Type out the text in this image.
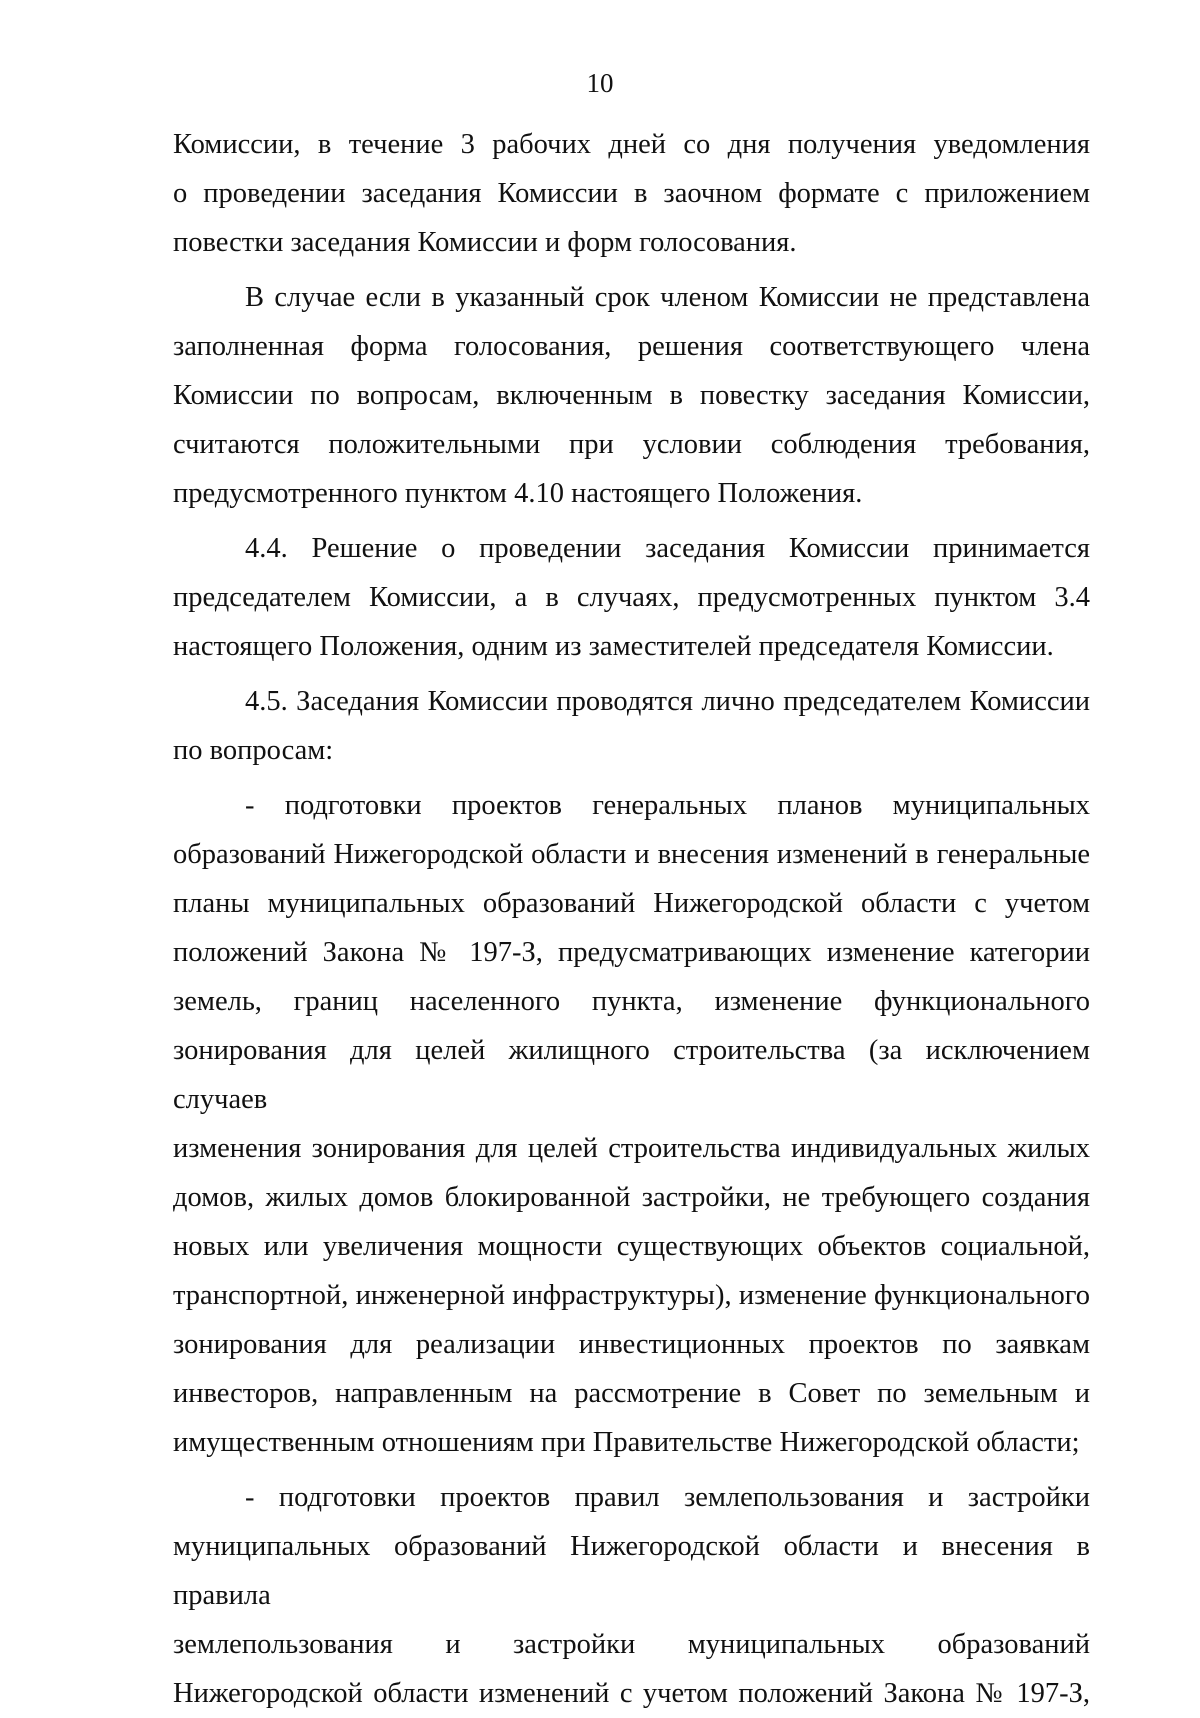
10
Комиссии, в течение 3 рабочих дней со дня получения уведомления
о проведении заседания Комиссии в заочном формате с приложением
повестки заседания Комиссии и форм голосования.
В случае если в указанный срок членом Комиссии не представлена
заполненная форма голосования, решения соответствующего члена
Комиссии по вопросам, включенным в повестку заседания Комиссии,
считаются положительными при условии соблюдения требования,
предусмотренного пунктом 4.10 настоящего Положения.
4.4. Решение о проведении заседания Комиссии принимается
председателем Комиссии, а в случаях, предусмотренных пунктом 3.4
настоящего Положения, одним из заместителей председателя Комиссии.
4.5. Заседания Комиссии проводятся лично председателем Комиссии
по вопросам:
- подготовки проектов генеральных планов муниципальных
образований Нижегородской области и внесения изменений в генеральные
планы муниципальных образований Нижегородской области с учетом
положений Закона № 197-З, предусматривающих изменение категории
земель, границ населенного пункта, изменение функционального
зонирования для целей жилищного строительства (за исключением случаев
изменения зонирования для целей строительства индивидуальных жилых
домов, жилых домов блокированной застройки, не требующего создания
новых или увеличения мощности существующих объектов социальной,
транспортной, инженерной инфраструктуры), изменение функционального
зонирования для реализации инвестиционных проектов по заявкам
инвесторов, направленным на рассмотрение в Совет по земельным и
имущественным отношениям при Правительстве Нижегородской области;
- подготовки проектов правил землепользования и застройки
муниципальных образований Нижегородской области и внесения в правила
землепользования и застройки муниципальных образований
Нижегородской области изменений с учетом положений Закона № 197-З,
